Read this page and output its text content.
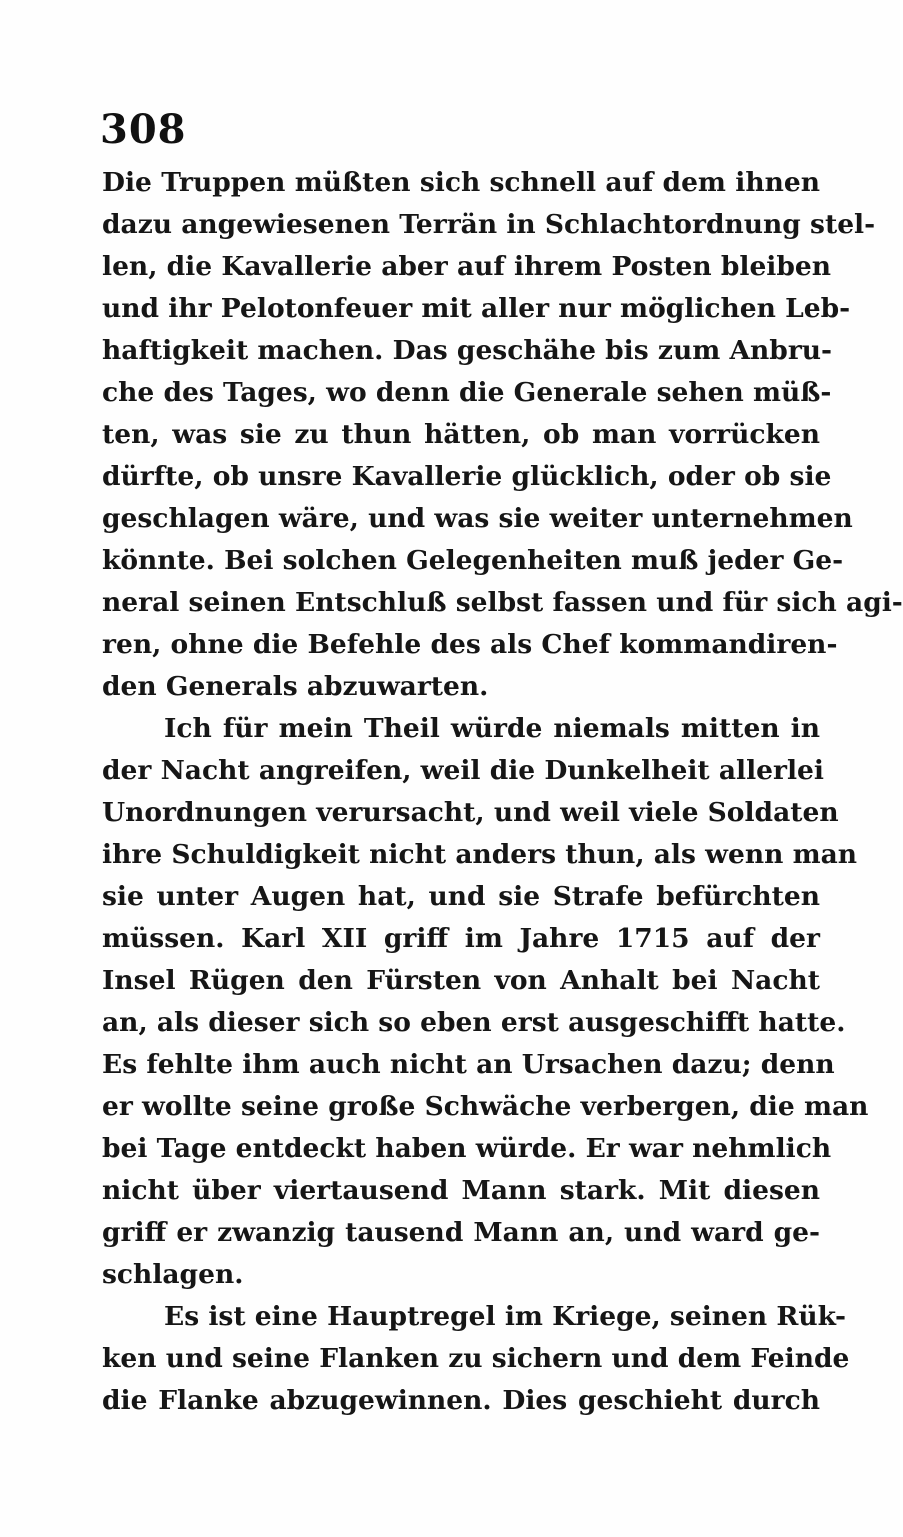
308
Die Truppen müßten sich schnell auf dem ihnen
dazu angewiesenen Terrän in Schlachtordnung stel-
len, die Kavallerie aber auf ihrem Posten bleiben
und ihr Pelotonfeuer mit aller nur möglichen Leb-
haftigkeit machen. Das geschähe bis zum Anbru-
che des Tages, wo denn die Generale sehen müß-
ten, was sie zu thun hätten, ob man vorrücken
dürfte, ob unsre Kavallerie glücklich, oder ob sie
geschlagen wäre, und was sie weiter unternehmen
könnte. Bei solchen Gelegenheiten muß jeder Ge-
neral seinen Entschluß selbst fassen und für sich agi-
ren, ohne die Befehle des als Chef kommandiren-
den Generals abzuwarten.
Ich für mein Theil würde niemals mitten in
der Nacht angreifen, weil die Dunkelheit allerlei
Unordnungen verursacht, und weil viele Soldaten
ihre Schuldigkeit nicht anders thun, als wenn man
sie unter Augen hat, und sie Strafe befürchten
müssen. Karl XII griff im Jahre 1715 auf der
Insel Rügen den Fürsten von Anhalt bei Nacht
an, als dieser sich so eben erst ausgeschifft hatte.
Es fehlte ihm auch nicht an Ursachen dazu; denn
er wollte seine große Schwäche verbergen, die man
bei Tage entdeckt haben würde. Er war nehmlich
nicht über viertausend Mann stark. Mit diesen
griff er zwanzig tausend Mann an, und ward ge-
schlagen.
Es ist eine Hauptregel im Kriege, seinen Rük-
ken und seine Flanken zu sichern und dem Feinde
die Flanke abzugewinnen. Dies geschieht durch
